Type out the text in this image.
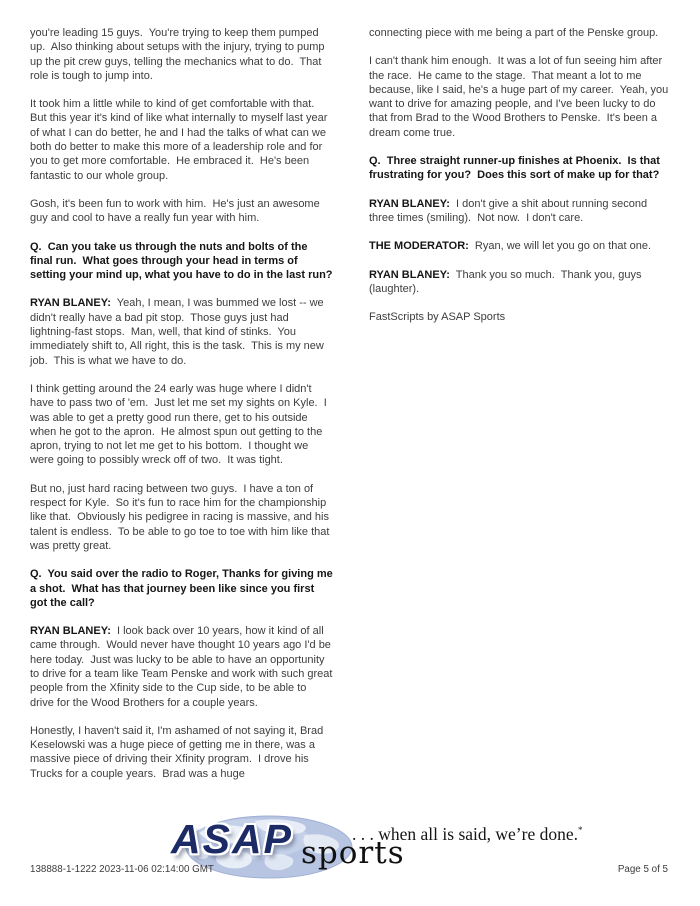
you're leading 15 guys.  You're trying to keep them pumped up.  Also thinking about setups with the injury, trying to pump up the pit crew guys, telling the mechanics what to do.  That role is tough to jump into.

It took him a little while to kind of get comfortable with that.  But this year it's kind of like what internally to myself last year of what I can do better, he and I had the talks of what can we both do better to make this more of a leadership role and for you to get more comfortable.  He embraced it.  He's been fantastic to our whole group.

Gosh, it's been fun to work with him.  He's just an awesome guy and cool to have a really fun year with him.

Q.  Can you take us through the nuts and bolts of the final run.  What goes through your head in terms of setting your mind up, what you have to do in the last run?

RYAN BLANEY:  Yeah, I mean, I was bummed we lost -- we didn't really have a bad pit stop.  Those guys just had lightning-fast stops.  Man, well, that kind of stinks.  You immediately shift to, All right, this is the task.  This is my new job.  This is what we have to do.

I think getting around the 24 early was huge where I didn't have to pass two of 'em.  Just let me set my sights on Kyle.  I was able to get a pretty good run there, get to his outside when he got to the apron.  He almost spun out getting to the apron, trying to not let me get to his bottom.  I thought we were going to possibly wreck off of two.  It was tight.

But no, just hard racing between two guys.  I have a ton of respect for Kyle.  So it's fun to race him for the championship like that.  Obviously his pedigree in racing is massive, and his talent is endless.  To be able to go toe to toe with him like that was pretty great.

Q.  You said over the radio to Roger, Thanks for giving me a shot.  What has that journey been like since you first got the call?

RYAN BLANEY:  I look back over 10 years, how it kind of all came through.  Would never have thought 10 years ago I'd be here today.  Just was lucky to be able to have an opportunity to drive for a team like Team Penske and work with such great people from the Xfinity side to the Cup side, to be able to drive for the Wood Brothers for a couple years.

Honestly, I haven't said it, I'm ashamed of not saying it, Brad Keselowski was a huge piece of getting me in there, was a massive piece of driving their Xfinity program.  I drove his Trucks for a couple years.  Brad was a huge

connecting piece with me being a part of the Penske group.

I can't thank him enough.  It was a lot of fun seeing him after the race.  He came to the stage.  That meant a lot to me because, like I said, he's a huge part of my career.  Yeah, you want to drive for amazing people, and I've been lucky to do that from Brad to the Wood Brothers to Penske.  It's been a dream come true.

Q.  Three straight runner-up finishes at Phoenix.  Is that frustrating for you?  Does this sort of make up for that?

RYAN BLANEY:  I don't give a shit about running second three times (smiling).  Not now.  I don't care.

THE MODERATOR:  Ryan, we will let you go on that one.

RYAN BLANEY:  Thank you so much.  Thank you, guys (laughter).

FastScripts by ASAP Sports

ASAP sports
. . . when all is said, we’re done.*
138888-1-1222 2023-11-06 02:14:00 GMT	Page 5 of 5
